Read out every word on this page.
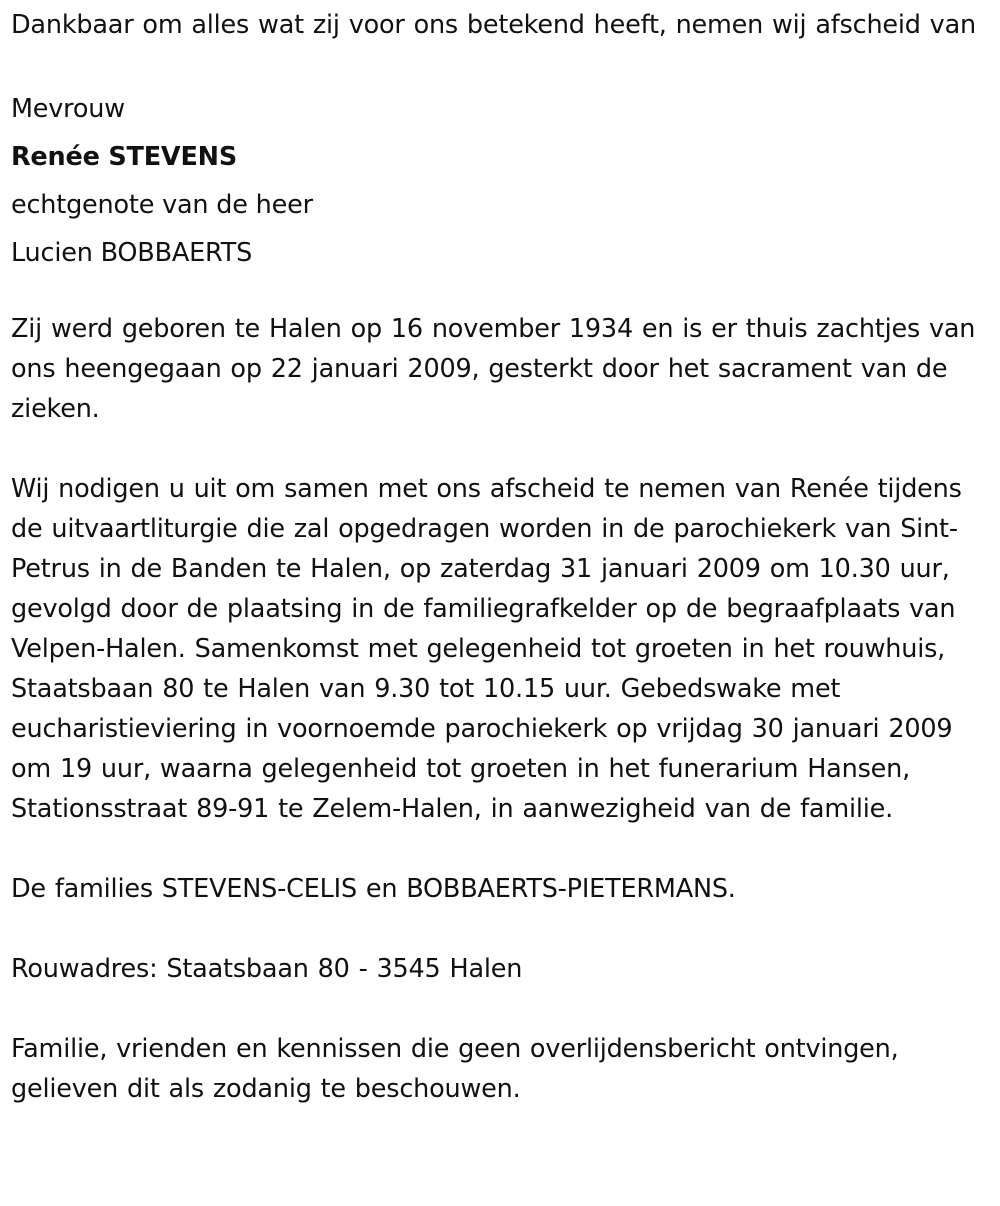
Dankbaar om alles wat zij voor ons betekend heeft, nemen wij afscheid van

Mevrouw
Renée STEVENS
echtgenote van de heer
Lucien BOBBAERTS

Zij werd geboren te Halen op 16 november 1934 en is er thuis zachtjes van ons heengegaan op 22 januari 2009, gesterkt door het sacrament van de zieken.

Wij nodigen u uit om samen met ons afscheid te nemen van Renée tijdens de uitvaartliturgie die zal opgedragen worden in de parochiekerk van Sint-Petrus in de Banden te Halen, op zaterdag 31 januari 2009 om 10.30 uur, gevolgd door de plaatsing in de familiegrafkelder op de begraafplaats van Velpen-Halen. Samenkomst met gelegenheid tot groeten in het rouwhuis, Staatsbaan 80 te Halen van 9.30 tot 10.15 uur. Gebedswake met eucharistieviering in voornoemde parochiekerk op vrijdag 30 januari 2009 om 19 uur, waarna gelegenheid tot groeten in het funerarium Hansen, Stationsstraat 89-91 te Zelem-Halen, in aanwezigheid van de familie.

De families STEVENS-CELIS en BOBBAERTS-PIETERMANS.

Rouwadres: Staatsbaan 80 - 3545 Halen

Familie, vrienden en kennissen die geen overlijdensbericht ontvingen, gelieven dit als zodanig te beschouwen.
